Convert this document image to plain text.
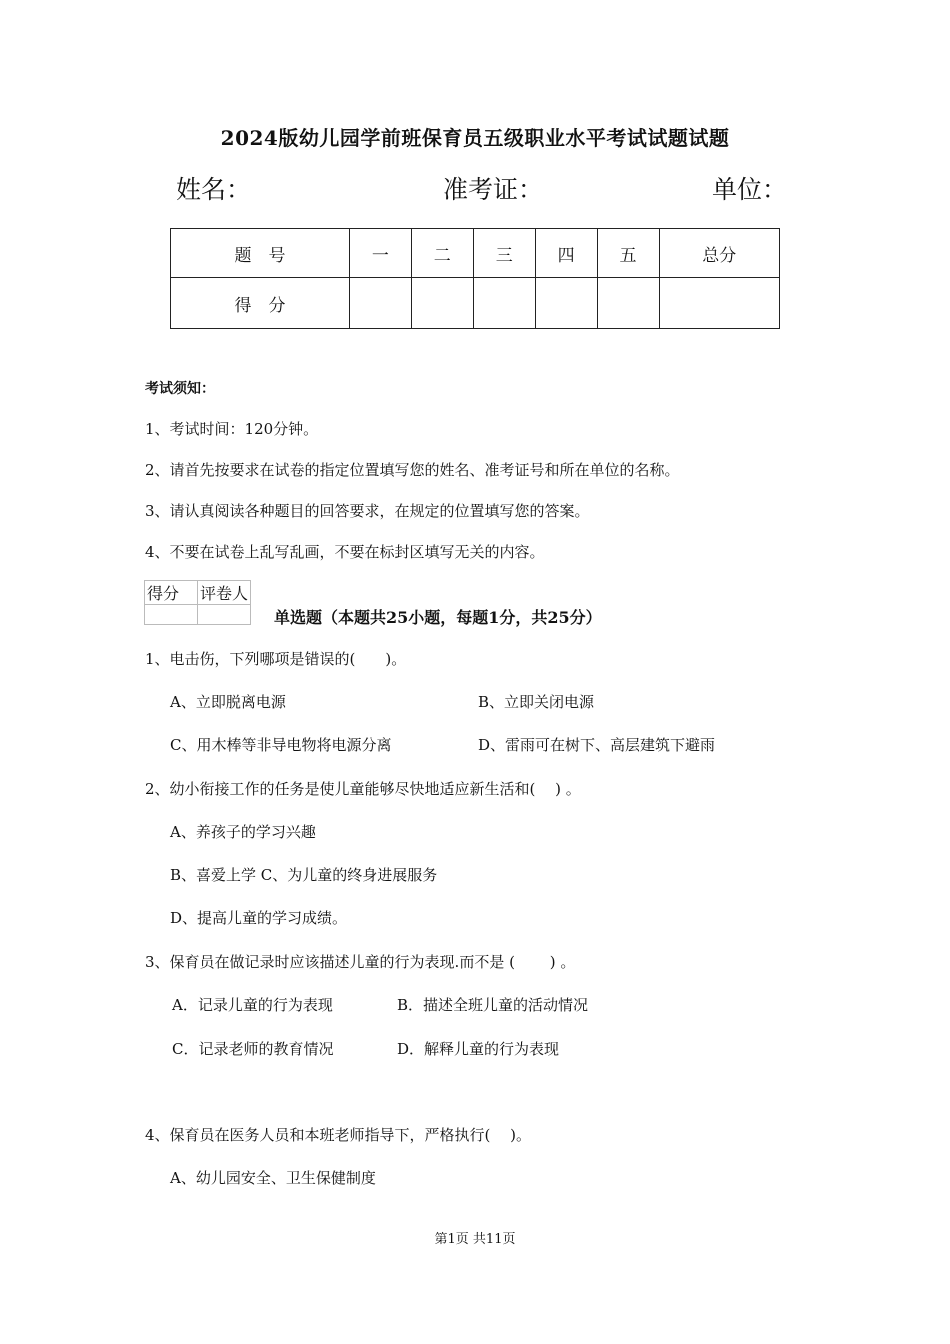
2024版幼儿园学前班保育员五级职业水平考试试题试题
姓名：	准考证：	单位：
题　号	一	二	三	四	五	总分
得　分						
考试须知：
1、考试时间：120分钟。
2、请首先按要求在试卷的指定位置填写您的姓名、准考证号和所在单位的名称。
3、请认真阅读各种题目的回答要求，在规定的位置填写您的答案。
4、不要在试卷上乱写乱画，不要在标封区填写无关的内容。
得分	评卷人

单选题（本题共25小题，每题1分，共25分）
1、电击伤，下列哪项是错误的(　　)。
A、立即脱离电源	B、立即关闭电源
C、用木棒等非导电物将电源分离	D、雷雨可在树下、高层建筑下避雨
2、幼小衔接工作的任务是使儿童能够尽快地适应新生活和(　 ) 。
A、养孩子的学习兴趣
B、喜爱上学 C、为儿童的终身进展服务
D、提高儿童的学习成绩。
3、保育员在做记录时应该描述儿童的行为表现.而不是 (　　 ) 。
A．记录儿童的行为表现	B．描述全班儿童的活动情况
C．记录老师的教育情况	D．解释儿童的行为表现
4、保育员在医务人员和本班老师指导下，严格执行(　 )。
A、幼儿园安全、卫生保健制度
第1页 共11页
